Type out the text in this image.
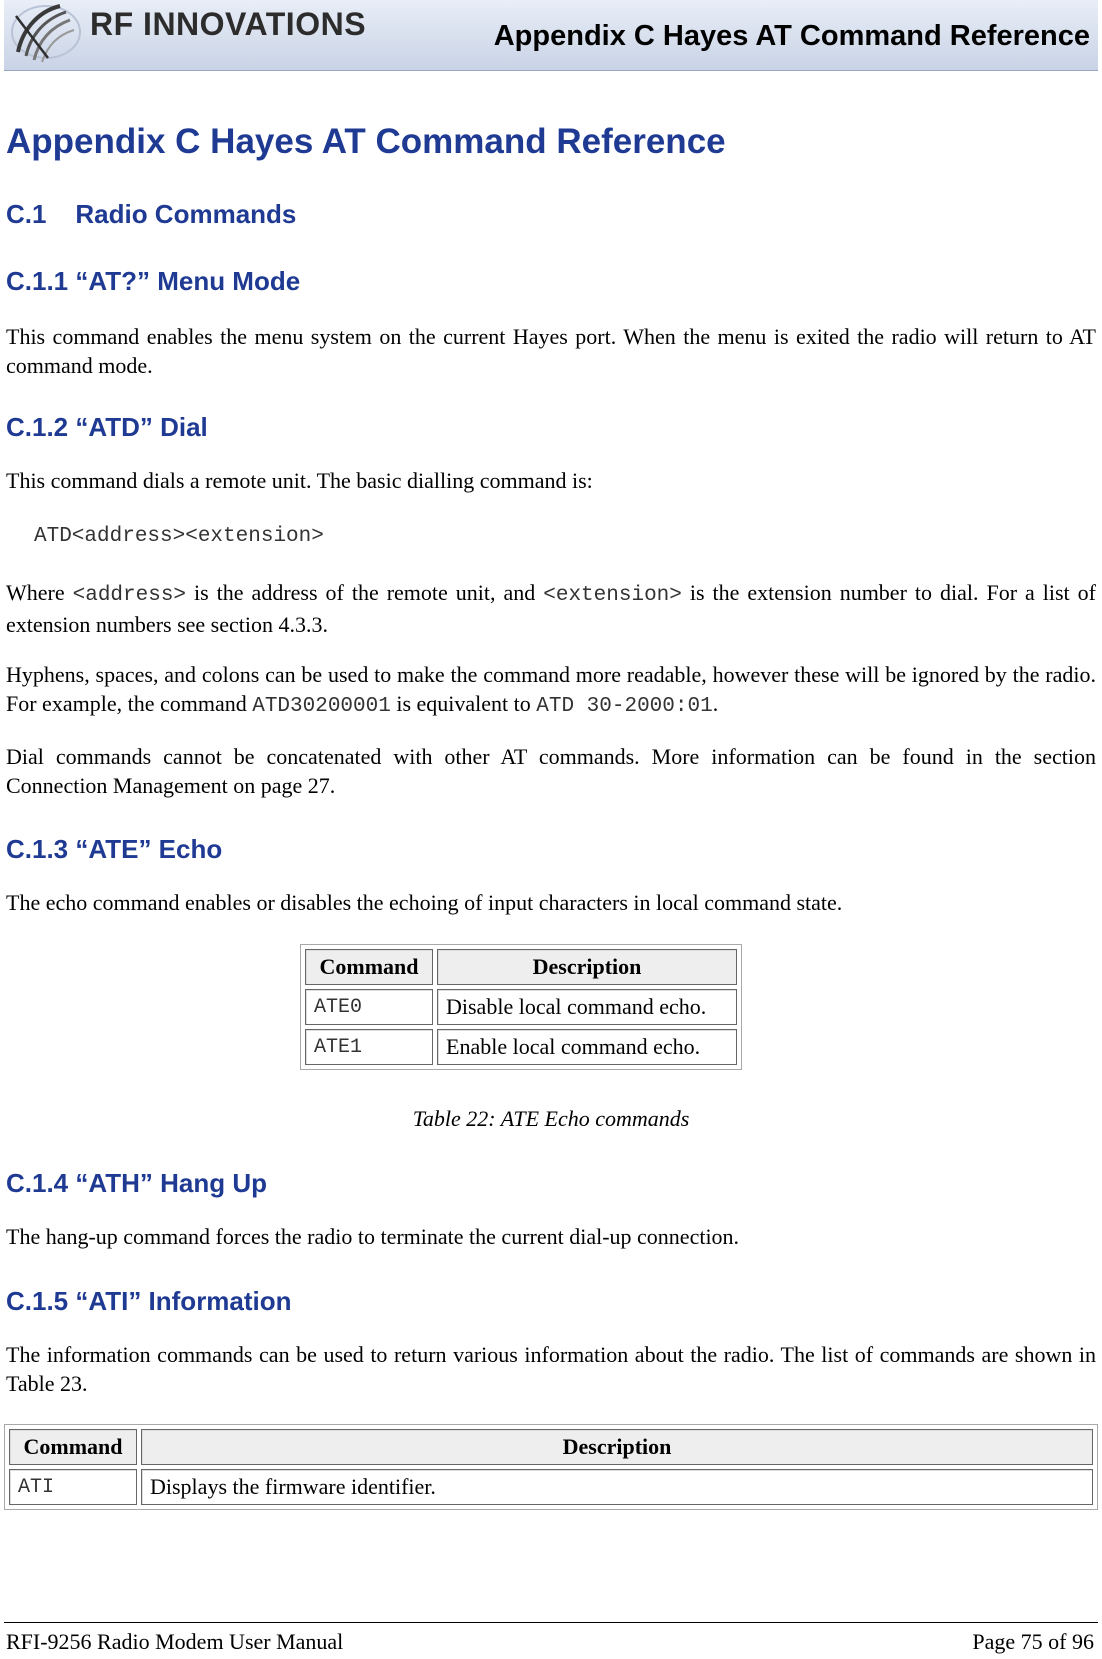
RF INNOVATIONS	Appendix C Hayes AT Command Reference
Appendix C Hayes AT Command Reference
C.1    Radio Commands
C.1.1 “AT?” Menu Mode

This command enables the menu system on the current Hayes port. When the menu is exited the radio will return to AT command mode.

C.1.2 “ATD” Dial

This command dials a remote unit. The basic dialling command is:

ATD<address><extension>

Where <address> is the address of the remote unit, and <extension> is the extension number to dial. For a list of extension numbers see section 4.3.3.

Hyphens, spaces, and colons can be used to make the command more readable, however these will be ignored by the radio. For example, the command ATD30200001 is equivalent to ATD 30-2000:01.

Dial commands cannot be concatenated with other AT commands. More information can be found in the section Connection Management on page 27.

C.1.3 “ATE” Echo

The echo command enables or disables the echoing of input characters in local command state.

Command	Description
ATE0	Disable local command echo.
ATE1	Enable local command echo.
Table 22: ATE Echo commands
C.1.4 “ATH” Hang Up

The hang-up command forces the radio to terminate the current dial-up connection.

C.1.5 “ATI” Information

The information commands can be used to return various information about the radio. The list of commands are shown in Table 23.

Command	Description
ATI	Displays the firmware identifier.
RFI-9256 Radio Modem User Manual	Page 75 of 96
